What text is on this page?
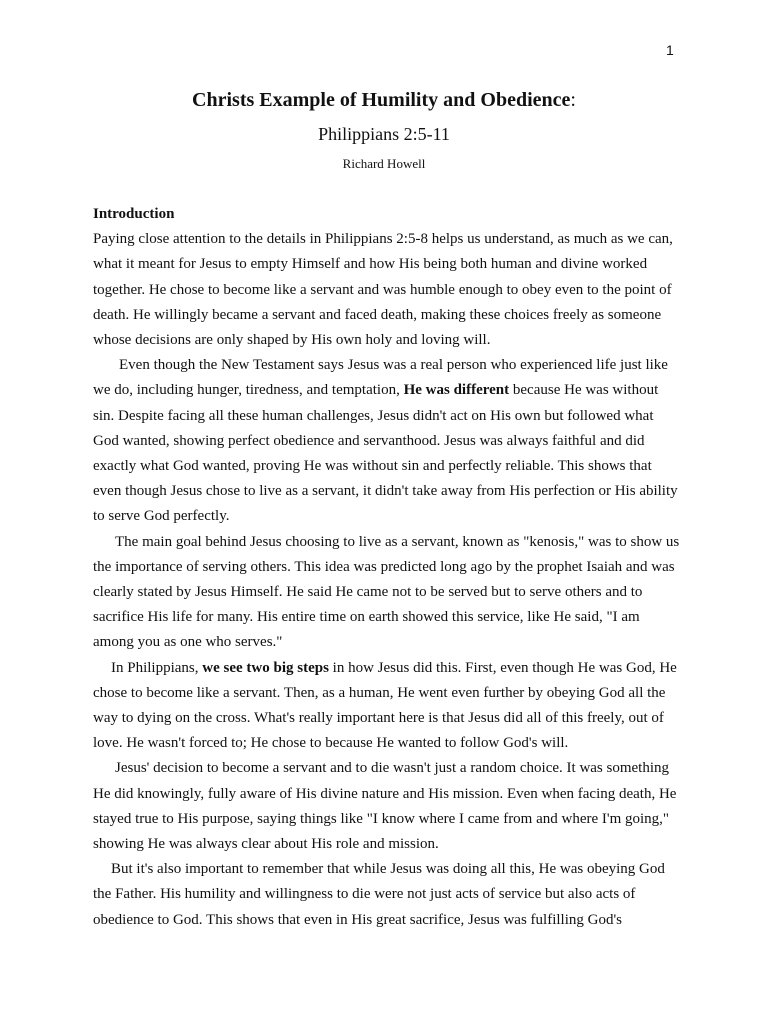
1
Christs Example of Humility and Obedience:
Philippians 2:5-11
Richard Howell

Introduction

Paying close attention to the details in Philippians 2:5-8 helps us understand, as much as we can, what it meant for Jesus to empty Himself and how His being both human and divine worked together. He chose to become like a servant and was humble enough to obey even to the point of death. He willingly became a servant and faced death, making these choices freely as someone whose decisions are only shaped by His own holy and loving will.

Even though the New Testament says Jesus was a real person who experienced life just like we do, including hunger, tiredness, and temptation, He was different because He was without sin. Despite facing all these human challenges, Jesus didn't act on His own but followed what God wanted, showing perfect obedience and servanthood. Jesus was always faithful and did exactly what God wanted, proving He was without sin and perfectly reliable. This shows that even though Jesus chose to live as a servant, it didn't take away from His perfection or His ability to serve God perfectly.

The main goal behind Jesus choosing to live as a servant, known as "kenosis," was to show us the importance of serving others. This idea was predicted long ago by the prophet Isaiah and was clearly stated by Jesus Himself. He said He came not to be served but to serve others and to sacrifice His life for many. His entire time on earth showed this service, like He said, "I am among you as one who serves."

In Philippians, we see two big steps in how Jesus did this. First, even though He was God, He chose to become like a servant. Then, as a human, He went even further by obeying God all the way to dying on the cross. What's really important here is that Jesus did all of this freely, out of love. He wasn't forced to; He chose to because He wanted to follow God's will.

Jesus' decision to become a servant and to die wasn't just a random choice. It was something He did knowingly, fully aware of His divine nature and His mission. Even when facing death, He stayed true to His purpose, saying things like "I know where I came from and where I'm going," showing He was always clear about His role and mission.

But it's also important to remember that while Jesus was doing all this, He was obeying God the Father. His humility and willingness to die were not just acts of service but also acts of obedience to God. This shows that even in His great sacrifice, Jesus was fulfilling God's
